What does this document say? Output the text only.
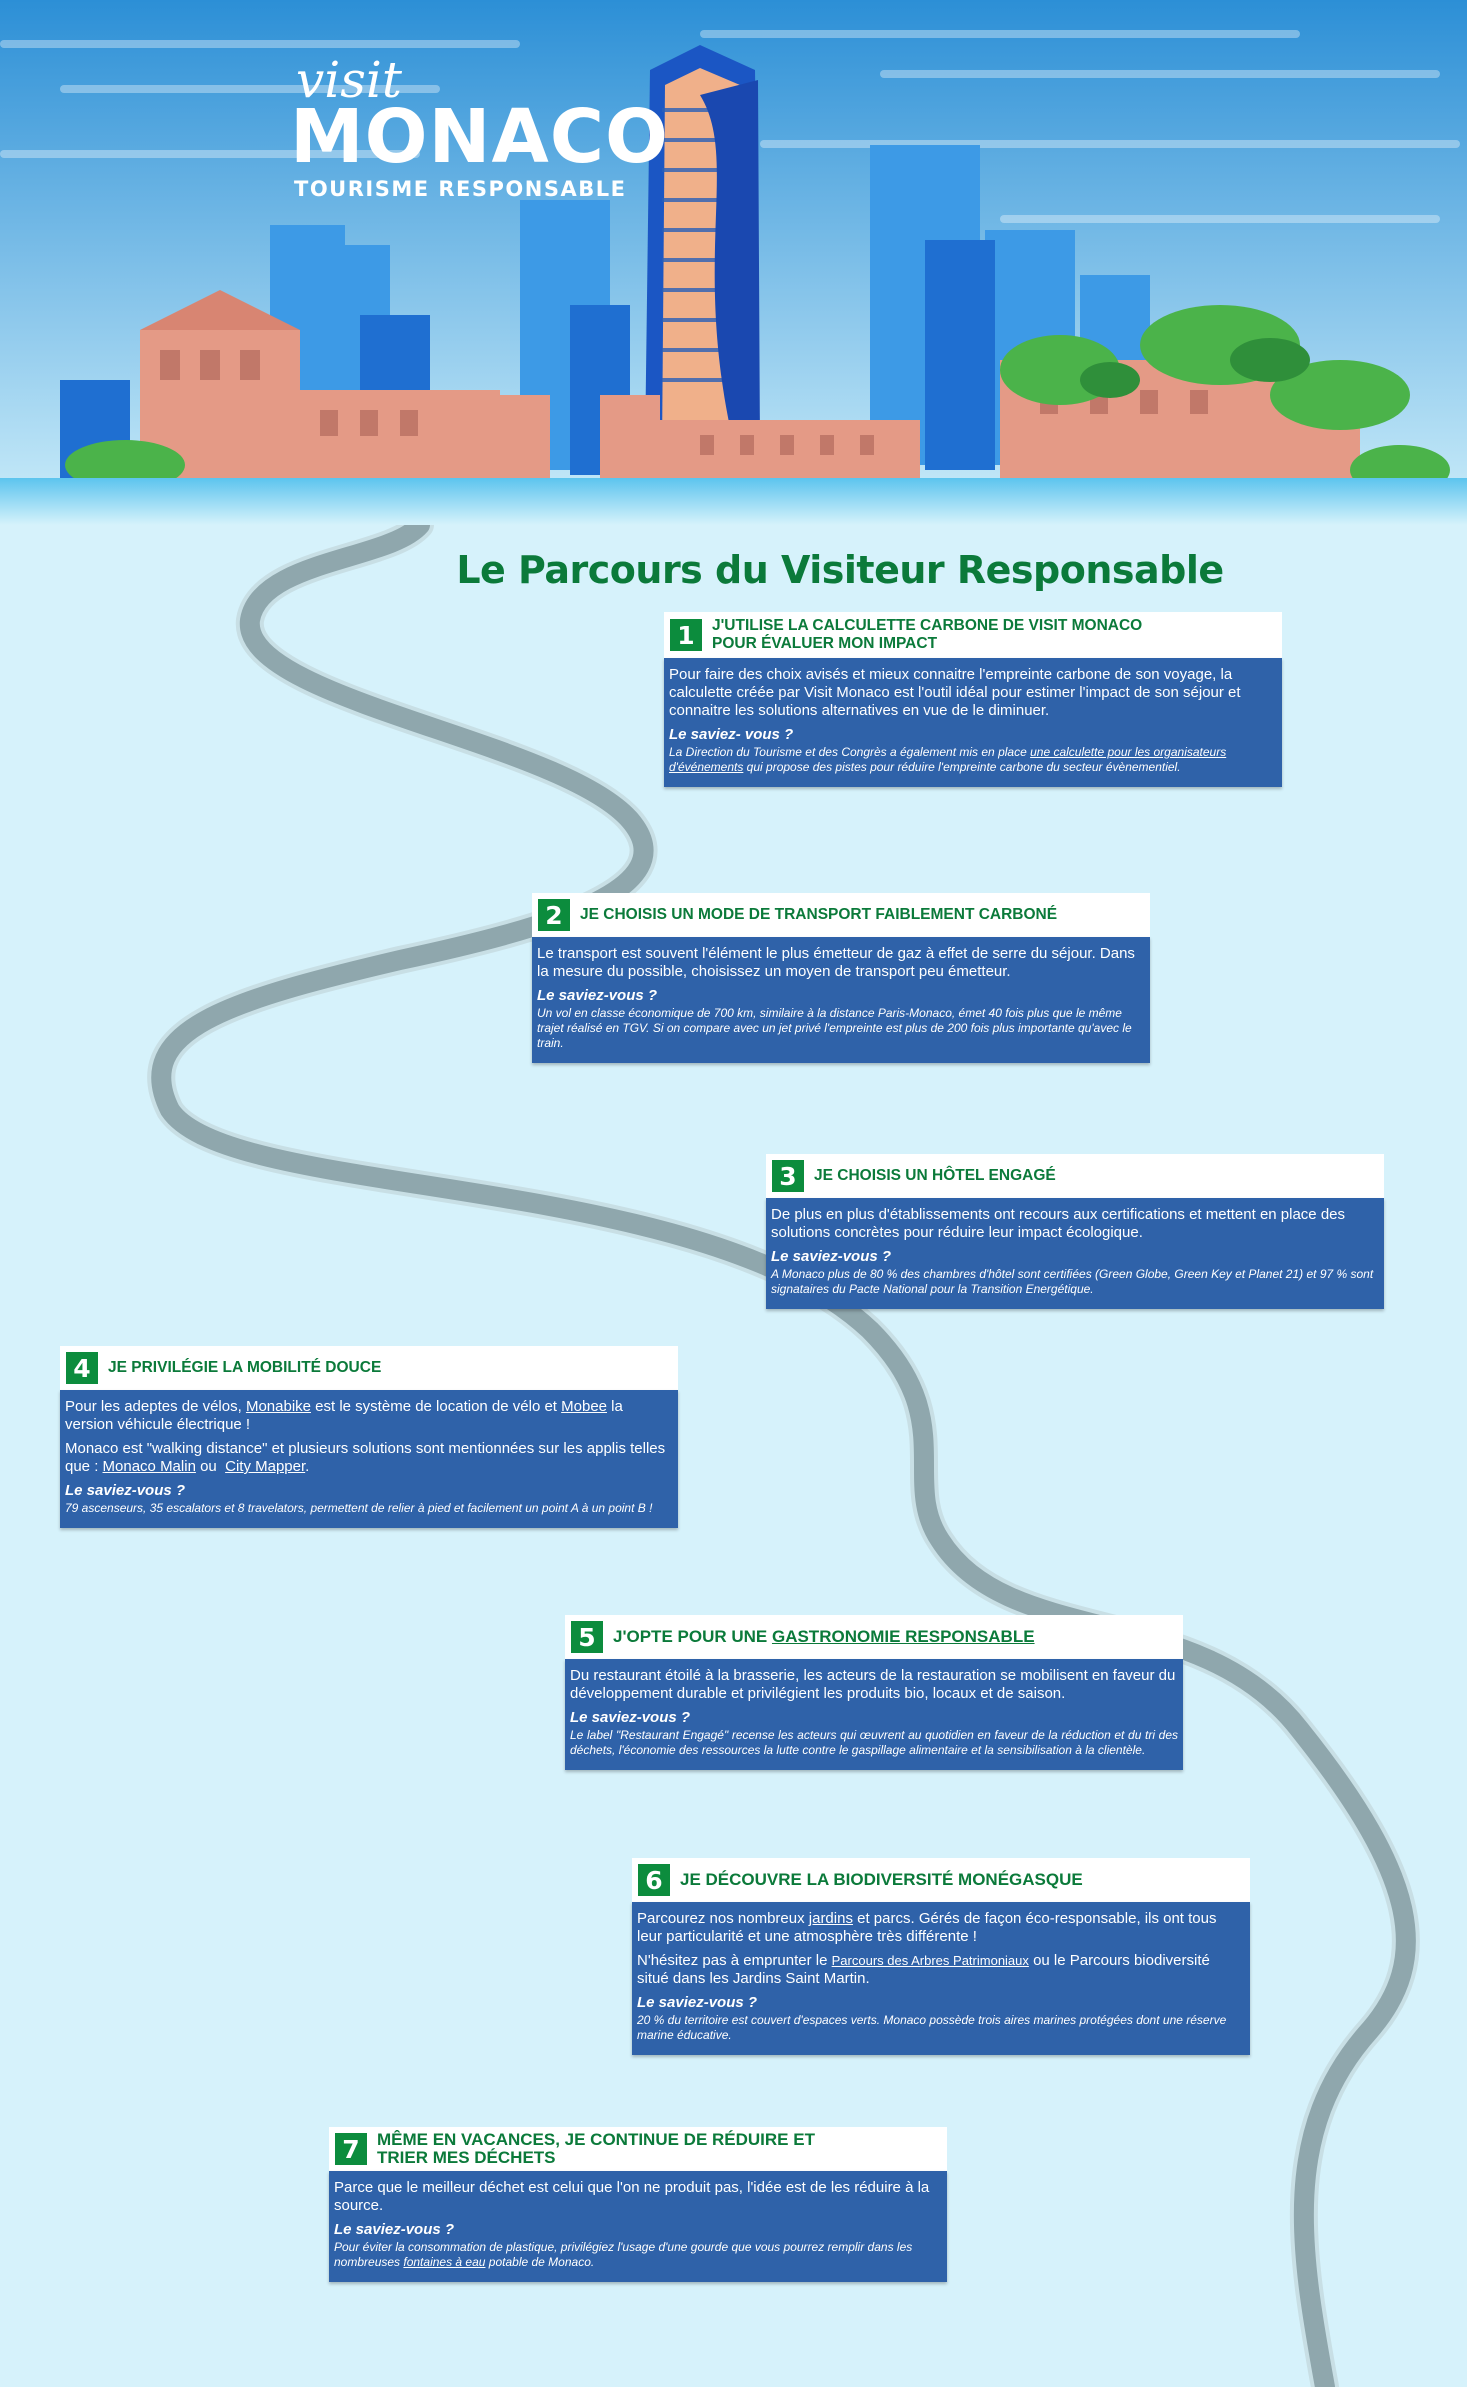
visit
MONACO
TOURISME RESPONSABLE
Le Parcours du Visiteur Responsable
1	J'UTILISE LA CALCULETTE CARBONE DE VISIT MONACO
POUR ÉVALUER MON IMPACT

Pour faire des choix avisés et mieux connaitre l'empreinte carbone de son voyage, la calculette créée par Visit Monaco est l'outil idéal pour estimer l'impact de son séjour et connaitre les solutions alternatives en vue de le diminuer.

Le saviez- vous ?

La Direction du Tourisme et des Congrès a également mis en place une calculette pour les organisateurs d'événements qui propose des pistes pour réduire l'empreinte carbone du secteur évènementiel.

2	JE CHOISIS UN MODE DE TRANSPORT FAIBLEMENT CARBONÉ

Le transport est souvent l'élément le plus émetteur de gaz à effet de serre du séjour. Dans la mesure du possible, choisissez un moyen de transport peu émetteur.

Le saviez-vous ?

Un vol en classe économique de 700 km, similaire à la distance Paris-Monaco, émet 40 fois plus que le même trajet réalisé en TGV. Si on compare avec un jet privé l'empreinte est plus de 200 fois plus importante qu'avec le train.

3	JE CHOISIS UN HÔTEL ENGAGÉ

De plus en plus d'établissements ont recours aux certifications et mettent en place des solutions concrètes pour réduire leur impact écologique.

Le saviez-vous ?

A Monaco plus de 80 % des chambres d'hôtel sont certifiées (Green Globe, Green Key et Planet 21) et 97 % sont signataires du Pacte National pour la Transition Energétique.

4	JE PRIVILÉGIE LA MOBILITÉ DOUCE

Pour les adeptes de vélos, Monabike est le système de location de vélo et Mobee la version véhicule électrique !

Monaco est "walking distance" et plusieurs solutions sont mentionnées sur les applis telles que : Monaco Malin ou  City Mapper.

Le saviez-vous ?

79 ascenseurs, 35 escalators et 8 travelators, permettent de relier à pied et facilement un point A à un point B !

5	J'OPTE POUR UNE GASTRONOMIE RESPONSABLE

Du restaurant étoilé à la brasserie, les acteurs de la restauration se mobilisent en faveur du développement durable et privilégient les produits bio, locaux et de saison.

Le saviez-vous ?

Le label "Restaurant Engagé" recense les acteurs qui œuvrent au quotidien en faveur de la réduction et du tri des déchets, l'économie des ressources la lutte contre le gaspillage alimentaire et la sensibilisation à la clientèle.

6	JE DÉCOUVRE LA BIODIVERSITÉ MONÉGASQUE

Parcourez nos nombreux jardins et parcs. Gérés de façon éco-responsable, ils ont tous leur particularité et une atmosphère très différente !

N'hésitez pas à emprunter le Parcours des Arbres Patrimoniaux ou le Parcours biodiversité situé dans les Jardins Saint Martin.

Le saviez-vous ?

20 % du territoire est couvert d'espaces verts. Monaco possède trois aires marines protégées dont une réserve marine éducative.

7	MÊME EN VACANCES, JE CONTINUE DE RÉDUIRE ET
TRIER MES DÉCHETS

Parce que le meilleur déchet est celui que l'on ne produit pas, l'idée est de les réduire à la source.

Le saviez-vous ?

Pour éviter la consommation de plastique, privilégiez l'usage d'une gourde que vous pourrez remplir dans les nombreuses fontaines à eau potable de Monaco.
